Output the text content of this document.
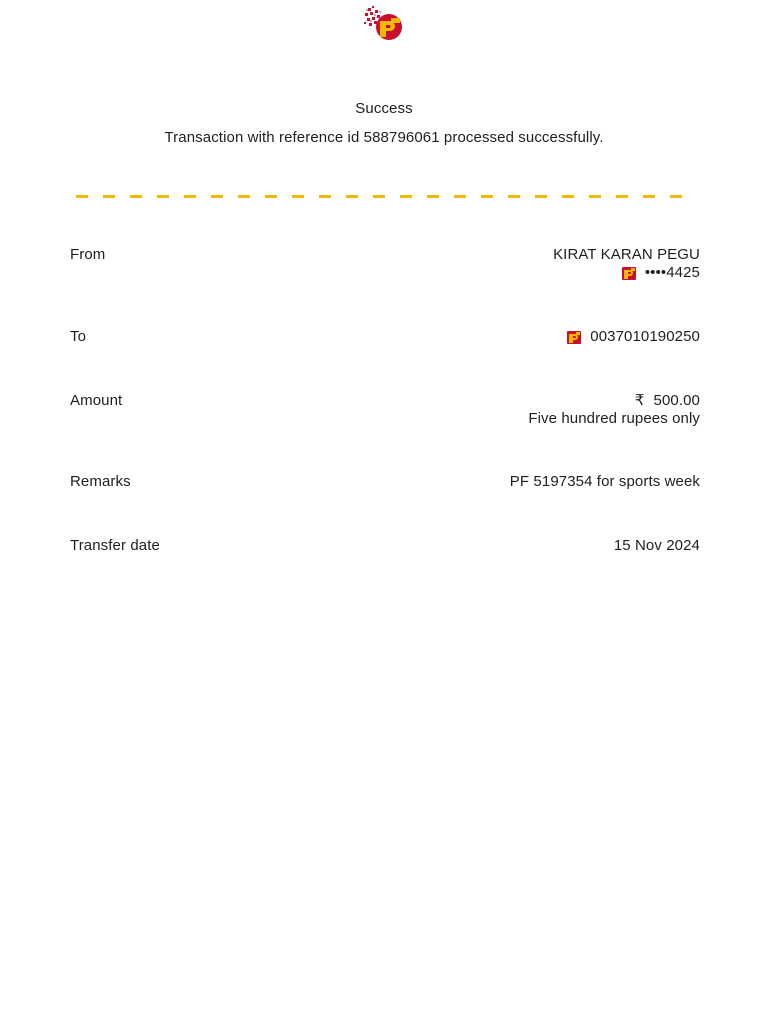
Success
Transaction with reference id 588796061 processed successfully.
From	KIRAT KARAN PEGU
••••4425
To	0037010190250
Amount	₹ 500.00
Five hundred rupees only
Remarks	PF 5197354 for sports week
Transfer date	15 Nov 2024
